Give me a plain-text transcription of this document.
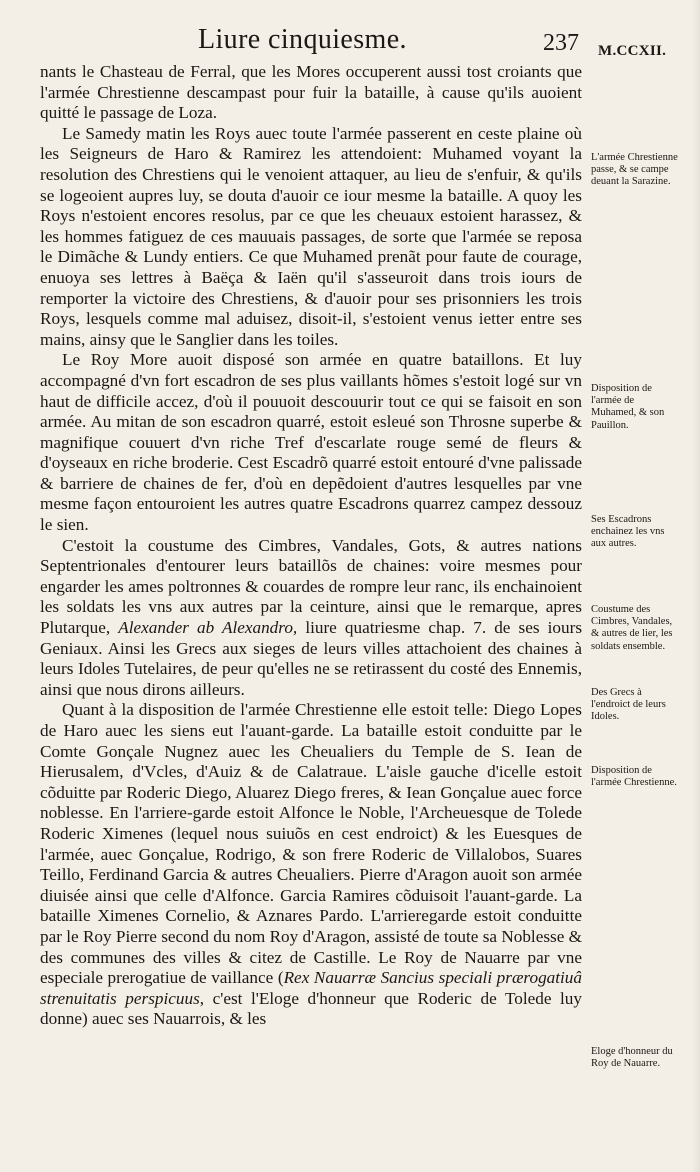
Liure cinquiesme.	237 M.CCXII.

nants le Chasteau de Ferral, que les Mores occuperent aussi tost croiants que l'armée Chrestienne descampast pour fuir la bataille, à cause qu'ils auoient quitté le passage de Loza.

Le Samedy matin les Roys auec toute l'armée passerent en ceste plaine où les Seigneurs de Haro & Ramirez les attendoient: Muhamed voyant la resolution des Chrestiens qui le venoient attaquer, au lieu de s'enfuir, & qu'ils se logeoient aupres luy, se douta d'auoir ce iour mesme la bataille. A quoy les Roys n'estoient encores resolus, par ce que les cheuaux estoient harassez, & les hommes fatiguez de ces mauuais passages, de sorte que l'armée se reposa le Dimãche & Lundy entiers. Ce que Muhamed prenãt pour faute de courage, enuoya ses lettres à Baëça & Iaën qu'il s'asseuroit dans trois iours de remporter la victoire des Chrestiens, & d'auoir pour ses prisonniers les trois Roys, lesquels comme mal aduisez, disoit-il, s'estoient venus ietter entre ses mains, ainsy que le Sanglier dans les toiles.

Le Roy More auoit disposé son armée en quatre bataillons. Et luy accompagné d'vn fort escadron de ses plus vaillants hõmes s'estoit logé sur vn haut de difficile accez, d'où il pouuoit descouurir tout ce qui se faisoit en son armée. Au mitan de son escadron quarré, estoit esleué son Throsne superbe & magnifique couuert d'vn riche Tref d'escarlate rouge semé de fleurs & d'oyseaux en riche broderie. Cest Escadrõ quarré estoit entouré d'vne palissade & barriere de chaines de fer, d'où en depẽdoient d'autres lesquelles par vne mesme façon entouroient les autres quatre Escadrons quarrez campez dessouz le sien.

C'estoit la coustume des Cimbres, Vandales, Gots, & autres nations Septentrionales d'entourer leurs bataillõs de chaines: voire mesmes pour engarder les ames poltronnes & couardes de rompre leur ranc, ils enchainoient les soldats les vns aux autres par la ceinture, ainsi que le remarque, apres Plutarque, Alexander ab Alexandro, liure quatriesme chap. 7. de ses iours Geniaux. Ainsi les Grecs aux sieges de leurs villes attachoient des chaines à leurs Idoles Tutelaires, de peur qu'elles ne se retirassent du costé des Ennemis, ainsi que nous dirons ailleurs.

Quant à la disposition de l'armée Chrestienne elle estoit telle: Diego Lopes de Haro auec les siens eut l'auant-garde. La bataille estoit conduitte par le Comte Gonçale Nugnez auec les Cheualiers du Temple de S. Iean de Hierusalem, d'Vcles, d'Auiz & de Calatraue. L'aisle gauche d'icelle estoit cõduitte par Roderic Diego, Aluarez Diego freres, & Iean Gonçalue auec force noblesse. En l'arriere-garde estoit Alfonce le Noble, l'Archeuesque de Tolede Roderic Ximenes (lequel nous suiuõs en cest endroict) & les Euesques de l'armée, auec Gonçalue, Rodrigo, & son frere Roderic de Villalobos, Suares Teillo, Ferdinand Garcia & autres Cheualiers. Pierre d'Aragon auoit son armée diuisée ainsi que celle d'Alfonce. Garcia Ramires cõduisoit l'auant-garde. La bataille Ximenes Cornelio, & Aznares Pardo. L'arrieregarde estoit conduitte par le Roy Pierre second du nom Roy d'Aragon, assisté de toute sa Noblesse & des communes des villes & citez de Castille. Le Roy de Nauarre par vne especiale prerogatiue de vaillance (Rex Nauarræ Sancius speciali prærogatiuâ strenuitatis perspicuus, c'est l'Eloge d'honneur que Roderic de Tolede luy donne) auec ses Nauarrois, & les

L'armée Chrestienne passe, & se campe deuant la Sarazine.
Disposition de l'armée de Muhamed, & son Pauillon.
Ses Escadrons enchainez les vns aux autres.
Coustume des Cimbres, Vandales, & autres de lier, les soldats ensemble.
Des Grecs à l'endroict de leurs Idoles.
Disposition de l'armée Chrestienne.
Eloge d'honneur du Roy de Nauarre.
